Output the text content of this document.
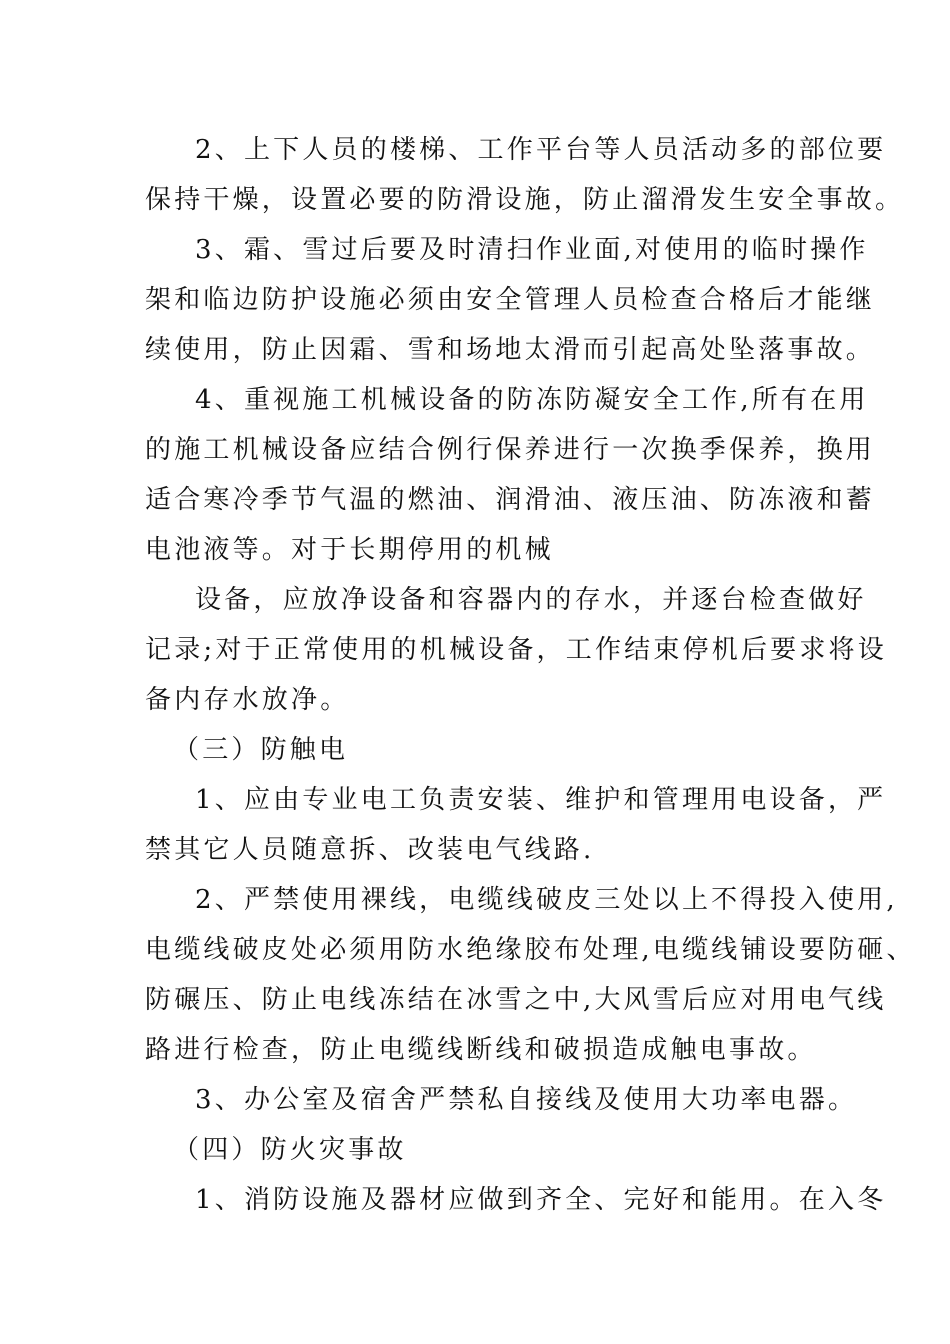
2、上下人员的楼梯、工作平台等人员活动多的部位要
保持干燥，设置必要的防滑设施，防止溜滑发生安全事故。
3、霜、雪过后要及时清扫作业面,对使用的临时操作
架和临边防护设施必须由安全管理人员检查合格后才能继
续使用，防止因霜、雪和场地太滑而引起高处坠落事故。
4、重视施工机械设备的防冻防凝安全工作,所有在用
的施工机械设备应结合例行保养进行一次换季保养，换用
适合寒冷季节气温的燃油、润滑油、液压油、防冻液和蓄
电池液等。对于长期停用的机械
设备，应放净设备和容器内的存水，并逐台检查做好
记录;对于正常使用的机械设备，工作结束停机后要求将设
备内存水放净。
（三）防触电
1、应由专业电工负责安装、维护和管理用电设备，严
禁其它人员随意拆、改装电气线路.
2、严禁使用裸线，电缆线破皮三处以上不得投入使用,
电缆线破皮处必须用防水绝缘胶布处理,电缆线铺设要防砸、
防碾压、防止电线冻结在冰雪之中,大风雪后应对用电气线
路进行检查，防止电缆线断线和破损造成触电事故。
3、办公室及宿舍严禁私自接线及使用大功率电器。
（四）防火灾事故
1、消防设施及器材应做到齐全、完好和能用。在入冬
